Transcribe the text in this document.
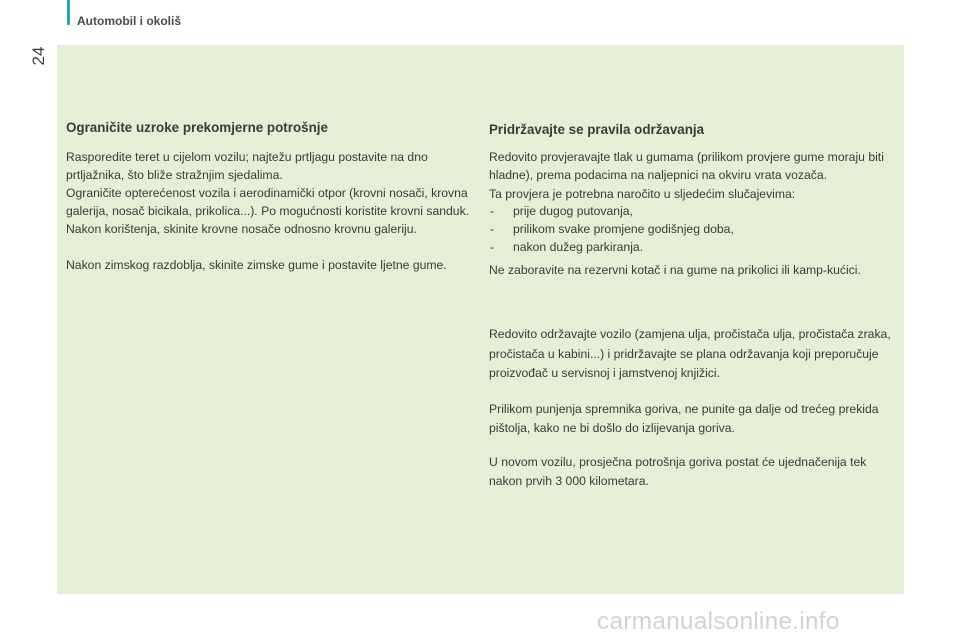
Automobil i okoliš
24
Ograničite uzroke prekomjerne potrošnje

Rasporedite teret u cijelom vozilu; najtežu prtljagu postavite na dno prtljažnika, što bliže stražnjim sjedalima.

Ograničite opterećenost vozila i aerodinamički otpor (krovni nosači, krovna galerija, nosač bicikala, prikolica...). Po mogućnosti koristite krovni sanduk.

Nakon korištenja, skinite krovne nosače odnosno krovnu galeriju.

Nakon zimskog razdoblja, skinite zimske gume i postavite ljetne gume.

Pridržavajte se pravila održavanja

Redovito provjeravajte tlak u gumama (prilikom provjere gume moraju biti hladne), prema podacima na naljepnici na okviru vrata vozača.

Ta provjera je potrebna naročito u sljedećim slučajevima:

- prije dugog putovanja,
- prilikom svake promjene godišnjeg doba,
- nakon dužeg parkiranja.

Ne zaboravite na rezervni kotač i na gume na prikolici ili kamp-kućici.

Redovito održavajte vozilo (zamjena ulja, pročistača ulja, pročistača zraka, pročistača u kabini...) i pridržavajte se plana održavanja koji preporučuje proizvođač u servisnoj i jamstvenoj knjižici.

Prilikom punjenja spremnika goriva, ne punite ga dalje od trećeg prekida pištolja, kako ne bi došlo do izlijevanja goriva.

U novom vozilu, prosječna potrošnja goriva postat će ujednačenija tek nakon prvih 3 000 kilometara.

carmanualsonline.info
